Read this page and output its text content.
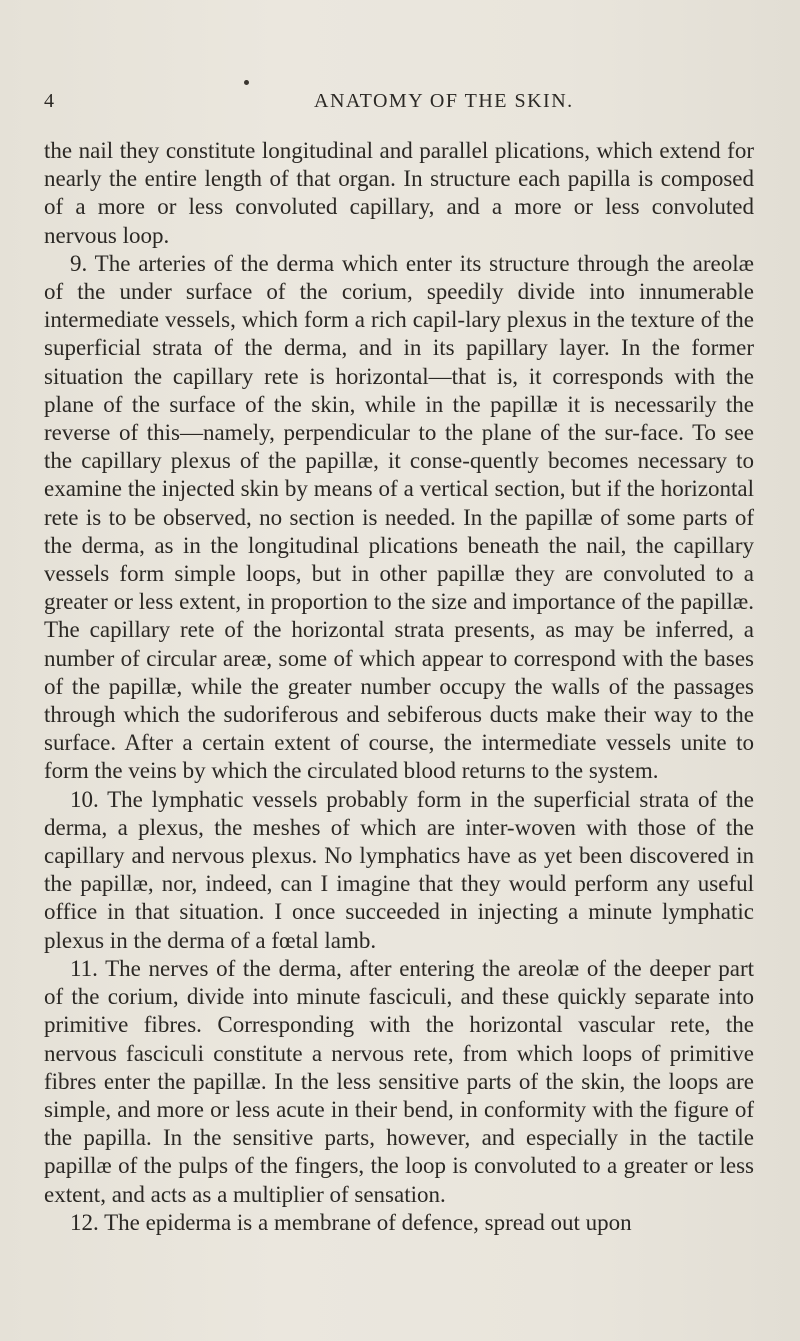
4	ANATOMY OF THE SKIN.

the nail they constitute longitudinal and parallel plications, which extend for nearly the entire length of that organ. In structure each papilla is composed of a more or less convoluted capillary, and a more or less convoluted nervous loop.

9. The arteries of the derma which enter its structure through the areolæ of the under surface of the corium, speedily divide into innumerable intermediate vessels, which form a rich capil-lary plexus in the texture of the superficial strata of the derma, and in its papillary layer. In the former situation the capillary rete is horizontal—that is, it corresponds with the plane of the surface of the skin, while in the papillæ it is necessarily the reverse of this—namely, perpendicular to the plane of the sur-face. To see the capillary plexus of the papillæ, it conse-quently becomes necessary to examine the injected skin by means of a vertical section, but if the horizontal rete is to be observed, no section is needed. In the papillæ of some parts of the derma, as in the longitudinal plications beneath the nail, the capillary vessels form simple loops, but in other papillæ they are convoluted to a greater or less extent, in proportion to the size and importance of the papillæ. The capillary rete of the horizontal strata presents, as may be inferred, a number of circular areæ, some of which appear to correspond with the bases of the papillæ, while the greater number occupy the walls of the passages through which the sudoriferous and sebiferous ducts make their way to the surface. After a certain extent of course, the intermediate vessels unite to form the veins by which the circulated blood returns to the system.

10. The lymphatic vessels probably form in the superficial strata of the derma, a plexus, the meshes of which are inter-woven with those of the capillary and nervous plexus. No lymphatics have as yet been discovered in the papillæ, nor, indeed, can I imagine that they would perform any useful office in that situation. I once succeeded in injecting a minute lymphatic plexus in the derma of a fœtal lamb.

11. The nerves of the derma, after entering the areolæ of the deeper part of the corium, divide into minute fasciculi, and these quickly separate into primitive fibres. Corresponding with the horizontal vascular rete, the nervous fasciculi constitute a nervous rete, from which loops of primitive fibres enter the papillæ. In the less sensitive parts of the skin, the loops are simple, and more or less acute in their bend, in conformity with the figure of the papilla. In the sensitive parts, however, and especially in the tactile papillæ of the pulps of the fingers, the loop is convoluted to a greater or less extent, and acts as a multiplier of sensation.

12. The epiderma is a membrane of defence, spread out upon
